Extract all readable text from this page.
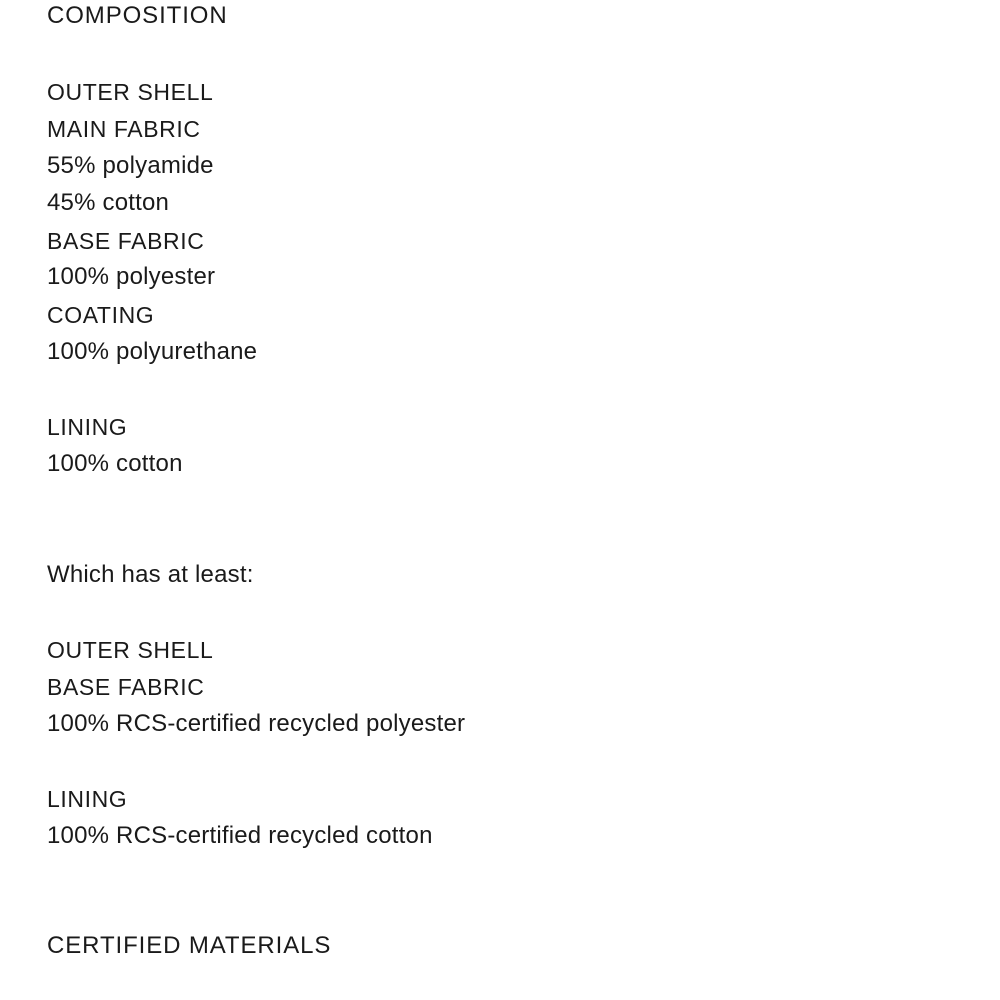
COMPOSITION
OUTER SHELL
MAIN FABRIC
55% polyamide
45% cotton
BASE FABRIC
100% polyester
COATING
100% polyurethane
LINING
100% cotton
Which has at least:
OUTER SHELL
BASE FABRIC
100% RCS-certified recycled polyester
LINING
100% RCS-certified recycled cotton
CERTIFIED MATERIALS
